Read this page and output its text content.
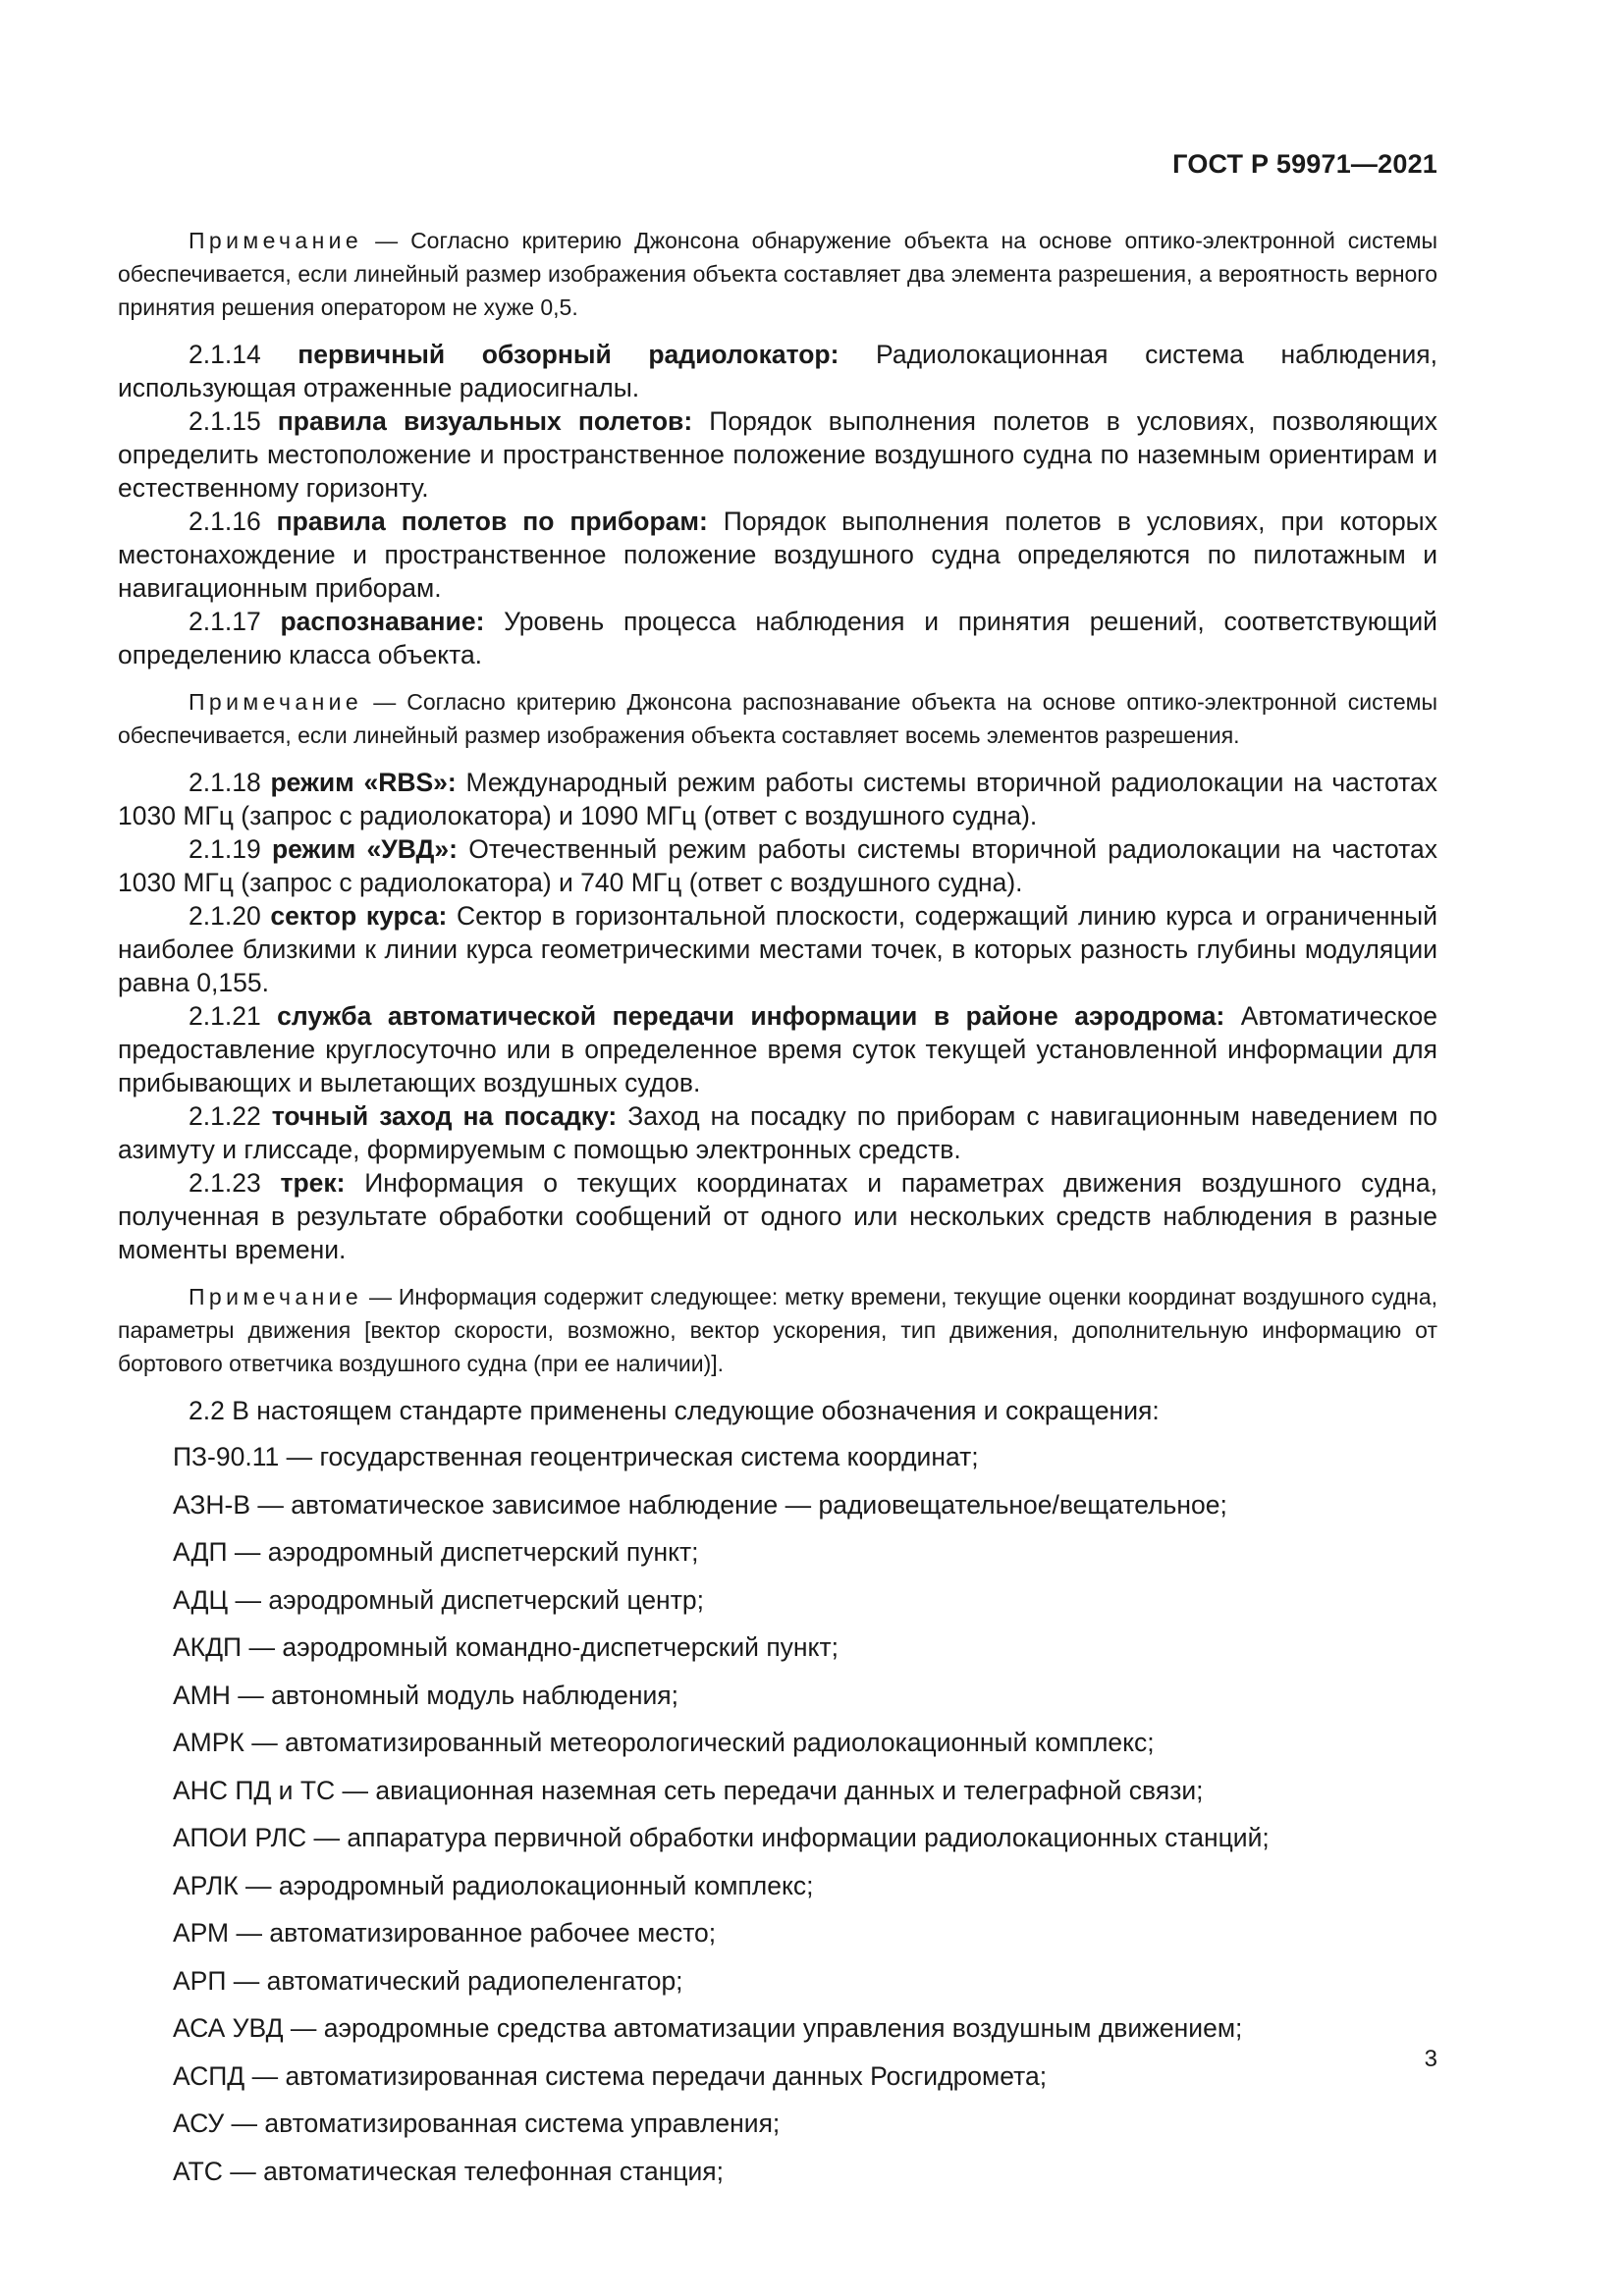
ГОСТ Р 59971—2021

Примечание — Согласно критерию Джонсона обнаружение объекта на основе оптико-электронной системы обеспечивается, если линейный размер изображения объекта составляет два элемента разрешения, а вероятность верного принятия решения оператором не хуже 0,5.

2.1.14 первичный обзорный радиолокатор: Радиолокационная система наблюдения, использующая отраженные радиосигналы.

2.1.15 правила визуальных полетов: Порядок выполнения полетов в условиях, позволяющих определить местоположение и пространственное положение воздушного судна по наземным ориентирам и естественному горизонту.

2.1.16 правила полетов по приборам: Порядок выполнения полетов в условиях, при которых местонахождение и пространственное положение воздушного судна определяются по пилотажным и навигационным приборам.

2.1.17 распознавание: Уровень процесса наблюдения и принятия решений, соответствующий определению класса объекта.

Примечание — Согласно критерию Джонсона распознавание объекта на основе оптико-электронной системы обеспечивается, если линейный размер изображения объекта составляет восемь элементов разрешения.

2.1.18 режим «RBS»: Международный режим работы системы вторичной радиолокации на частотах 1030 МГц (запрос с радиолокатора) и 1090 МГц (ответ с воздушного судна).

2.1.19 режим «УВД»: Отечественный режим работы системы вторичной радиолокации на частотах 1030 МГц (запрос с радиолокатора) и 740 МГц (ответ с воздушного судна).

2.1.20 сектор курса: Сектор в горизонтальной плоскости, содержащий линию курса и ограниченный наиболее близкими к линии курса геометрическими местами точек, в которых разность глубины модуляции равна 0,155.

2.1.21 служба автоматической передачи информации в районе аэродрома: Автоматическое предоставление круглосуточно или в определенное время суток текущей установленной информации для прибывающих и вылетающих воздушных судов.

2.1.22 точный заход на посадку: Заход на посадку по приборам с навигационным наведением по азимуту и глиссаде, формируемым с помощью электронных средств.

2.1.23 трек: Информация о текущих координатах и параметрах движения воздушного судна, полученная в результате обработки сообщений от одного или нескольких средств наблюдения в разные моменты времени.

Примечание — Информация содержит следующее: метку времени, текущие оценки координат воздушного судна, параметры движения [вектор скорости, возможно, вектор ускорения, тип движения, дополнительную информацию от бортового ответчика воздушного судна (при ее наличии)].

2.2 В настоящем стандарте применены следующие обозначения и сокращения:

ПЗ-90.11 — государственная геоцентрическая система координат;
АЗН-В — автоматическое зависимое наблюдение — радиовещательное/вещательное;
АДП — аэродромный диспетчерский пункт;
АДЦ — аэродромный диспетчерский центр;
АКДП — аэродромный командно-диспетчерский пункт;
АМН — автономный модуль наблюдения;
АМРК — автоматизированный метеорологический радиолокационный комплекс;
АНС ПД и ТС — авиационная наземная сеть передачи данных и телеграфной связи;
АПОИ РЛС — аппаратура первичной обработки информации радиолокационных станций;
АРЛК — аэродромный радиолокационный комплекс;
АРМ — автоматизированное рабочее место;
АРП — автоматический радиопеленгатор;
АСА УВД — аэродромные средства автоматизации управления воздушным движением;
АСПД — автоматизированная система передачи данных Росгидромета;
АСУ — автоматизированная система управления;
АТС — автоматическая телефонная станция;
3
